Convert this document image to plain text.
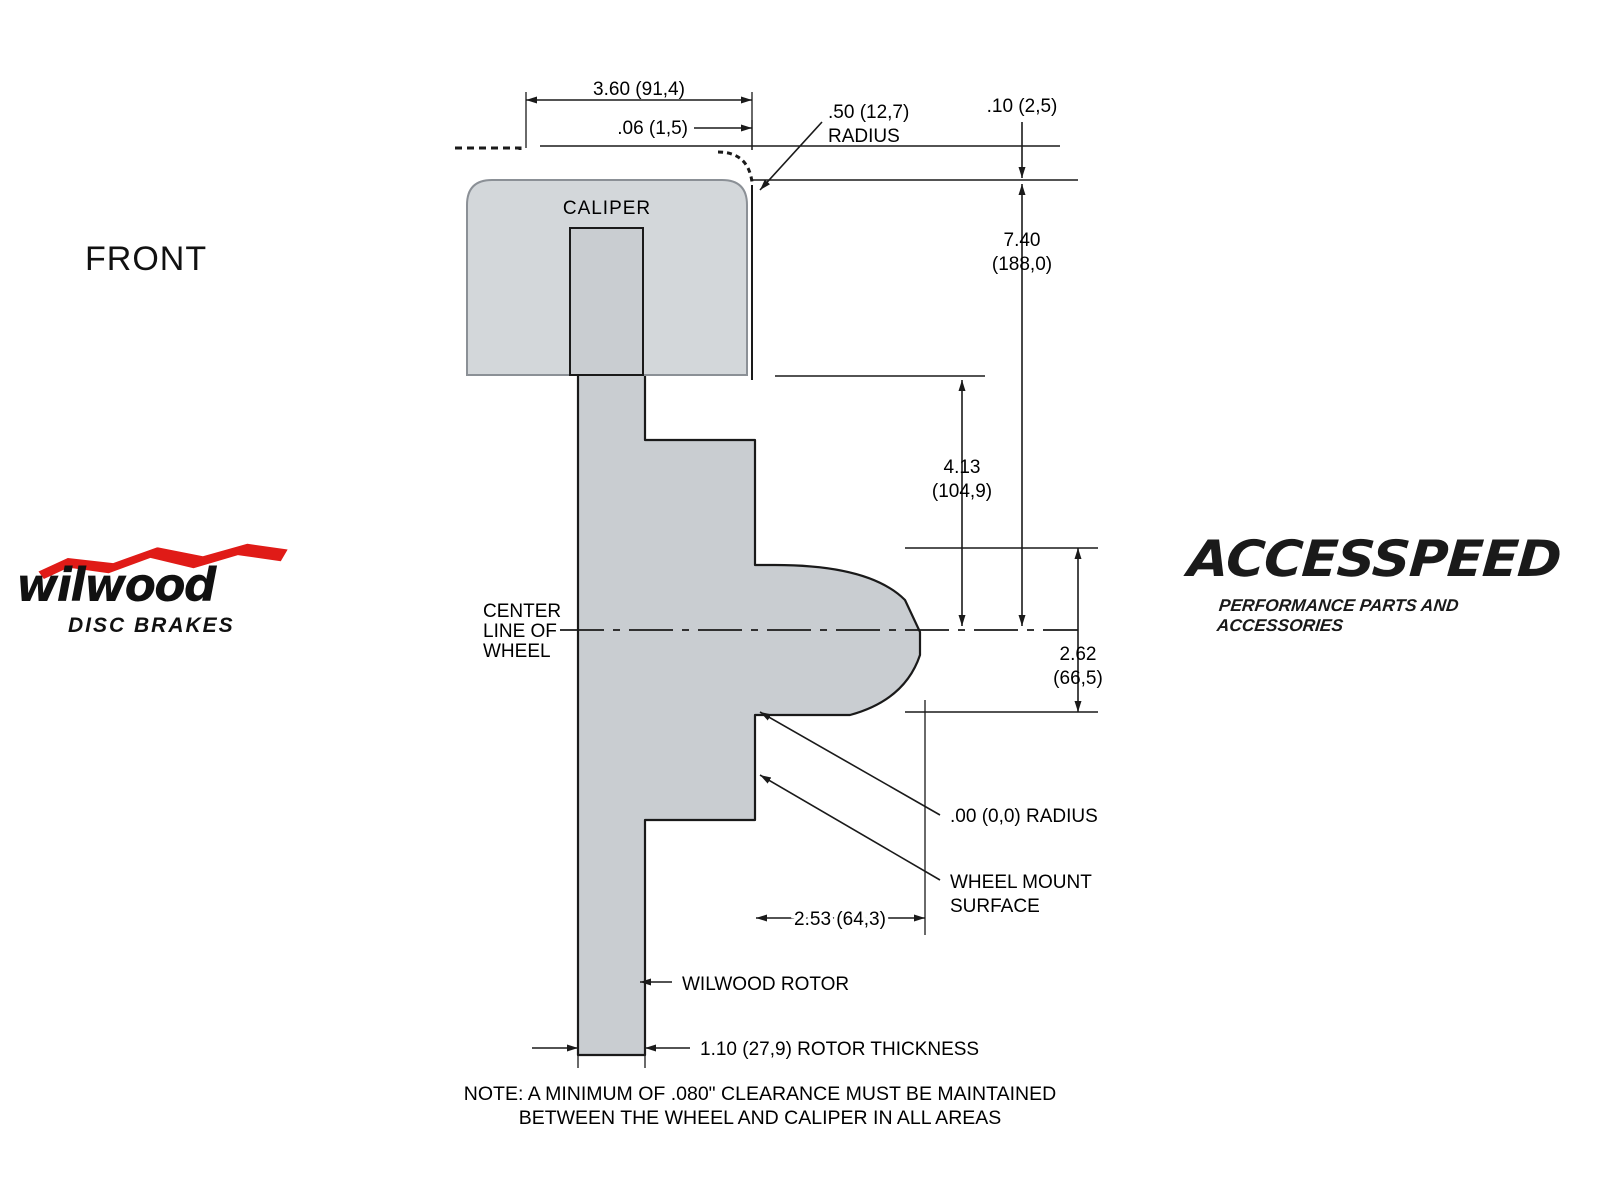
FRONT
wilwood
DISC BRAKES
ACCESSPEED
PERFORMANCE PARTS AND ACCESSORIES
CALIPER
CENTER
LINE OF
WHEEL
3.60 (91,4)
.06 (1,5)
.50 (12,7)
RADIUS
.10 (2,5)
7.40
(188,0)
4.13
(104,9)
2.62
(66,5)
.00 (0,0) RADIUS
WHEEL MOUNT
SURFACE
2.53 (64,3)
WILWOOD ROTOR
1.10 (27,9) ROTOR THICKNESS
NOTE: A MINIMUM OF .080" CLEARANCE MUST BE MAINTAINED
BETWEEN THE WHEEL AND CALIPER IN ALL AREAS
